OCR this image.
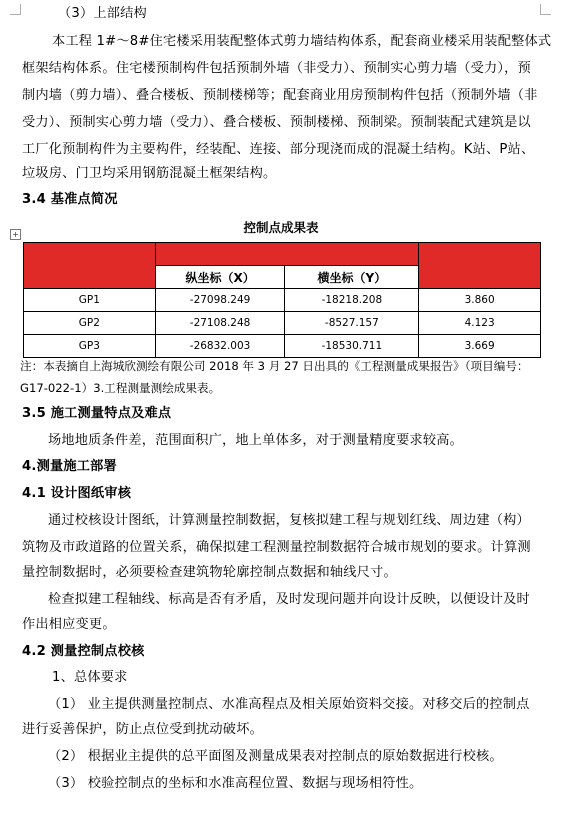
（3）上部结构
本工程 1#～8#住宅楼采用装配整体式剪力墙结构体系，配套商业楼采用装配整体式
框架结构体系。住宅楼预制构件包括预制外墙（非受力）、预制实心剪力墙（受力），预
制内墙（剪力墙）、叠合楼板、预制楼梯等；配套商业用房预制构件包括（预制外墙（非
受力）、预制实心剪力墙（受力）、叠合楼板、预制楼梯、预制梁。预制装配式建筑是以
工厂化预制构件为主要构件，经装配、连接、部分现浇而成的混凝土结构。K站、P站、
垃圾房、门卫均采用钢筋混凝土框架结构。
3.4 基准点简况
控制点成果表
+

	纵坐标（X）	横坐标（Y）	
GP1	-27098.249	-18218.208	3.860
GP2	-27108.248	-8527.157	4.123
GP3	-26832.003	-18530.711	3.669
注：本表摘自上海城欣测绘有限公司 2018 年 3 月 27 日出具的《工程测量成果报告》（项目编号：
G17-022-1）3.工程测量测绘成果表。
3.5 施工测量特点及难点
场地地质条件差，范围面积广，地上单体多，对于测量精度要求较高。
4.测量施工部署
4.1 设计图纸审核
通过校核设计图纸，计算测量控制数据，复核拟建工程与规划红线、周边建（构）
筑物及市政道路的位置关系，确保拟建工程测量控制数据符合城市规划的要求。计算测
量控制数据时，必须要检查建筑物轮廓控制点数据和轴线尺寸。
检查拟建工程轴线、标高是否有矛盾，及时发现问题并向设计反映，以便设计及时
作出相应变更。
4.2 测量控制点校核
1、总体要求
（1） 业主提供测量控制点、水准高程点及相关原始资料交接。对移交后的控制点
进行妥善保护，防止点位受到扰动破坏。
（2） 根据业主提供的总平面图及测量成果表对控制点的原始数据进行校核。
（3） 校验控制点的坐标和水准高程位置、数据与现场相符性。
